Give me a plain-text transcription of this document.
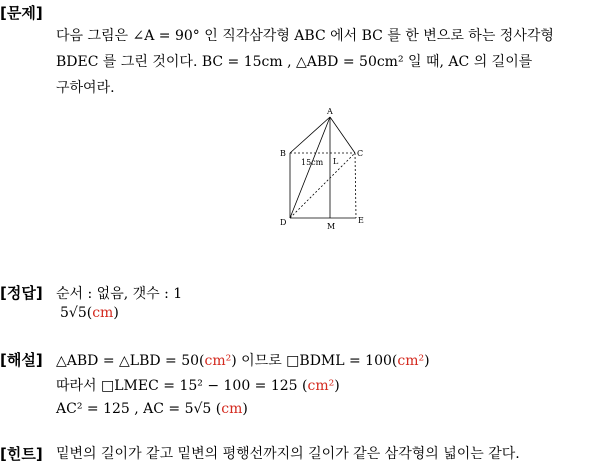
[문제]
[정답]
[해설]
[힌트]
다음 그림은 ∠A = 90° 인 직각삼각형 ABC 에서 BC 를 한 변으로 하는 정사각형
BDEC 를 그린 것이다. BC = 15cm , △ABD = 50cm² 일 때, AC 의 길이를
구하여라.
A
B	C
D	E
M
L
15cm
순서 : 없음, 갯수 : 1
5√5(cm)
△ABD = △LBD = 50(cm²) 이므로 □BDML = 100(cm²)
따라서 □LMEC = 15² − 100 = 125 (cm²)
AC² = 125 , AC = 5√5 (cm)
밑변의 길이가 같고 밑변의 평행선까지의 길이가 같은 삼각형의 넓이는 같다.
